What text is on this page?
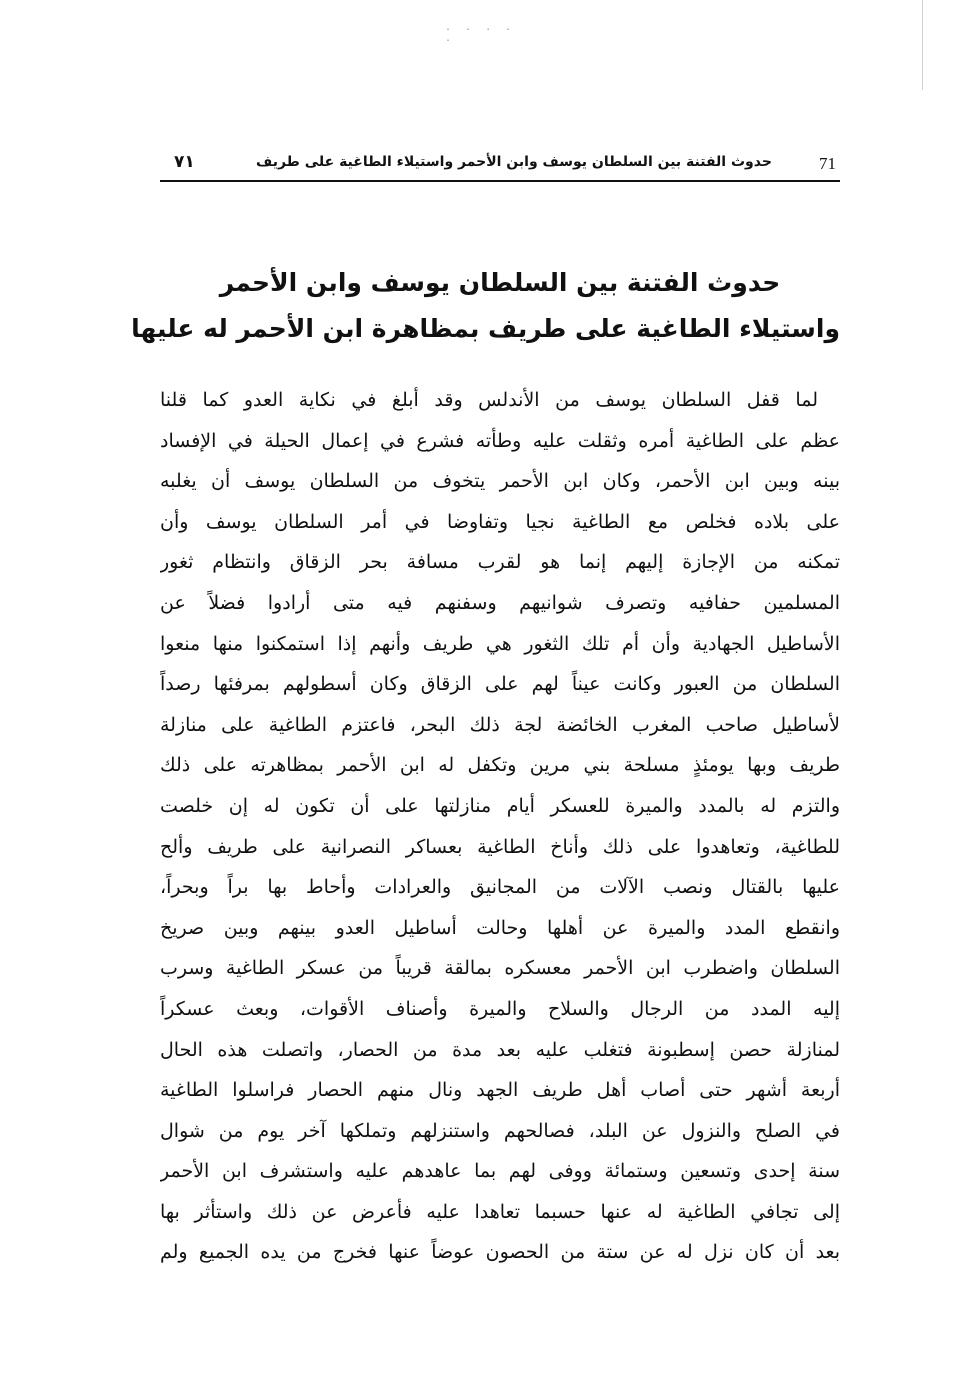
. . . . .
71
حدوث الفتنة بين السلطان يوسف وابن الأحمر واستيلاء الطاغية على طريف
٧١
حدوث الفتنة بين السلطان يوسف وابن الأحمر
واستيلاء الطاغية على طريف بمظاهرة ابن الأحمر له عليها
لما قفل السلطان يوسف من الأندلس وقد أبلغ في نكاية العدو كما قلنا
عظم على الطاغية أمره وثقلت عليه وطأته فشرع في إعمال الحيلة في الإفساد
بينه وبين ابن الأحمر، وكان ابن الأحمر يتخوف من السلطان يوسف أن يغلبه
على بلاده فخلص مع الطاغية نجيا وتفاوضا في أمر السلطان يوسف وأن
تمكنه من الإجازة إليهم إنما هو لقرب مسافة بحر الزقاق وانتظام ثغور
المسلمين حفافيه وتصرف شوانيهم وسفنهم فيه متى أرادوا فضلاً عن
الأساطيل الجهادية وأن أم تلك الثغور هي طريف وأنهم إذا استمكنوا منها منعوا
السلطان من العبور وكانت عيناً لهم على الزقاق وكان أسطولهم بمرفئها رصداً
لأساطيل صاحب المغرب الخائضة لجة ذلك البحر، فاعتزم الطاغية على منازلة
طريف وبها يومئذٍ مسلحة بني مرين وتكفل له ابن الأحمر بمظاهرته على ذلك
والتزم له بالمدد والميرة للعسكر أيام منازلتها على أن تكون له إن خلصت
للطاغية، وتعاهدوا على ذلك وأناخ الطاغية بعساكر النصرانية على طريف وألح
عليها بالقتال ونصب الآلات من المجانيق والعرادات وأحاط بها براً وبحراً،
وانقطع المدد والميرة عن أهلها وحالت أساطيل العدو بينهم وبين صريخ
السلطان واضطرب ابن الأحمر معسكره بمالقة قريباً من عسكر الطاغية وسرب
إليه المدد من الرجال والسلاح والميرة وأصناف الأقوات، وبعث عسكراً
لمنازلة حصن إسطبونة فتغلب عليه بعد مدة من الحصار، واتصلت هذه الحال
أربعة أشهر حتى أصاب أهل طريف الجهد ونال منهم الحصار فراسلوا الطاغية
في الصلح والنزول عن البلد، فصالحهم واستنزلهم وتملكها آخر يوم من شوال
سنة إحدى وتسعين وستمائة ووفى لهم بما عاهدهم عليه واستشرف ابن الأحمر
إلى تجافي الطاغية له عنها حسبما تعاهدا عليه فأعرض عن ذلك واستأثر بها
بعد أن كان نزل له عن ستة من الحصون عوضاً عنها فخرج من يده الجميع ولم
